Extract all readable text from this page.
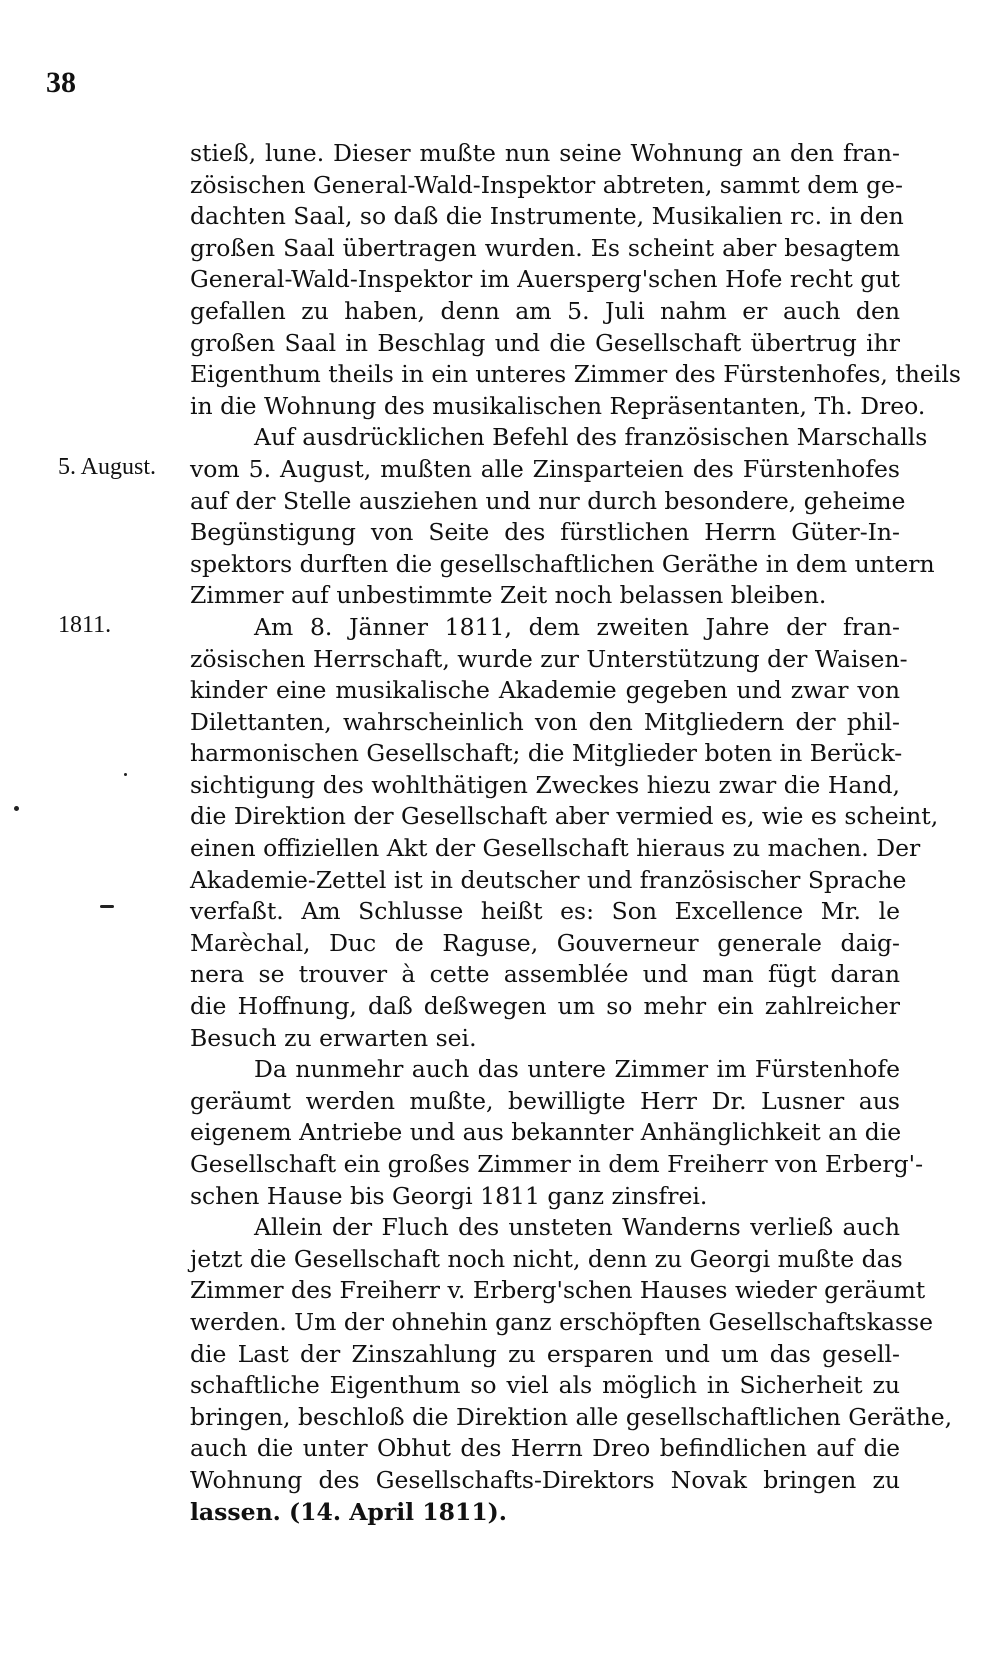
38
5. August.
1811.
stieß, lune. Dieser mußte nun seine Wohnung an den fran-
zösischen General-Wald-Inspektor abtreten, sammt dem ge-
dachten Saal, so daß die Instrumente, Musikalien rc. in den
großen Saal übertragen wurden. Es scheint aber besagtem
General-Wald-Inspektor im Auersperg'schen Hofe recht gut
gefallen zu haben, denn am 5. Juli nahm er auch den
großen Saal in Beschlag und die Gesellschaft übertrug ihr
Eigenthum theils in ein unteres Zimmer des Fürstenhofes, theils
in die Wohnung des musikalischen Repräsentanten, Th. Dreo.
Auf ausdrücklichen Befehl des französischen Marschalls
vom 5. August, mußten alle Zinsparteien des Fürstenhofes
auf der Stelle ausziehen und nur durch besondere, geheime
Begünstigung von Seite des fürstlichen Herrn Güter-In-
spektors durften die gesellschaftlichen Geräthe in dem untern
Zimmer auf unbestimmte Zeit noch belassen bleiben.
Am 8. Jänner 1811, dem zweiten Jahre der fran-
zösischen Herrschaft, wurde zur Unterstützung der Waisen-
kinder eine musikalische Akademie gegeben und zwar von
Dilettanten, wahrscheinlich von den Mitgliedern der phil-
harmonischen Gesellschaft; die Mitglieder boten in Berück-
sichtigung des wohlthätigen Zweckes hiezu zwar die Hand,
die Direktion der Gesellschaft aber vermied es, wie es scheint,
einen offiziellen Akt der Gesellschaft hieraus zu machen. Der
Akademie-Zettel ist in deutscher und französischer Sprache
verfaßt. Am Schlusse heißt es: Son Excellence Mr. le
Marèchal, Duc de Raguse, Gouverneur generale daig-
nera se trouver à cette assemblée und man fügt daran
die Hoffnung, daß deßwegen um so mehr ein zahlreicher
Besuch zu erwarten sei.
Da nunmehr auch das untere Zimmer im Fürstenhofe
geräumt werden mußte, bewilligte Herr Dr. Lusner aus
eigenem Antriebe und aus bekannter Anhänglichkeit an die
Gesellschaft ein großes Zimmer in dem Freiherr von Erberg'-
schen Hause bis Georgi 1811 ganz zinsfrei.
Allein der Fluch des unsteten Wanderns verließ auch
jetzt die Gesellschaft noch nicht, denn zu Georgi mußte das
Zimmer des Freiherr v. Erberg'schen Hauses wieder geräumt
werden. Um der ohnehin ganz erschöpften Gesellschaftskasse
die Last der Zinszahlung zu ersparen und um das gesell-
schaftliche Eigenthum so viel als möglich in Sicherheit zu
bringen, beschloß die Direktion alle gesellschaftlichen Geräthe,
auch die unter Obhut des Herrn Dreo befindlichen auf die
Wohnung des Gesellschafts-Direktors Novak bringen zu
lassen. (14. April 1811).
